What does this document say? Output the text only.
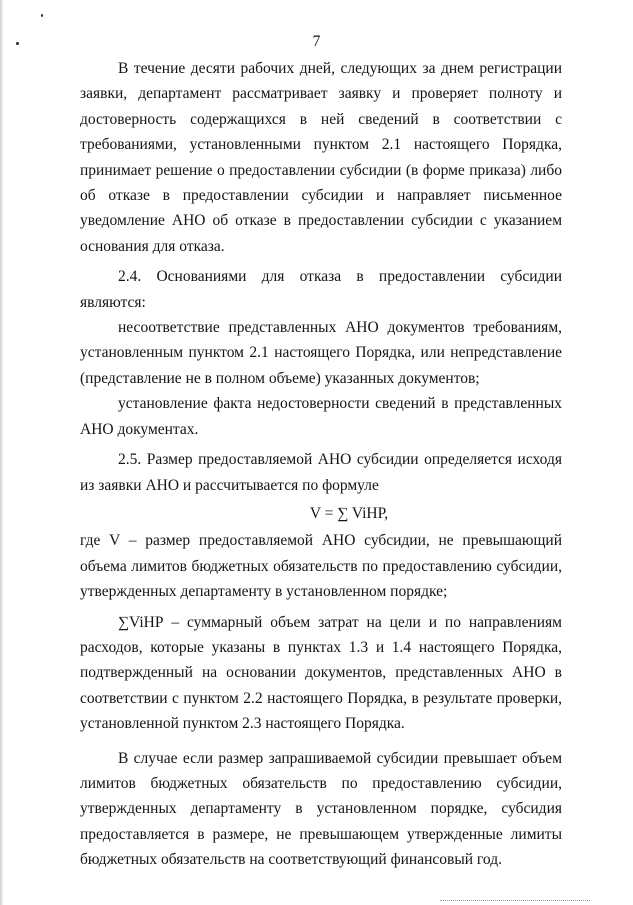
7

В течение десяти рабочих дней, следующих за днем регистрации заявки, департамент рассматривает заявку и проверяет полноту и достоверность содержащихся в ней сведений в соответствии с требованиями, установленными пунктом 2.1 настоящего Порядка, принимает решение о предоставлении субсидии (в форме приказа) либо об отказе в предоставлении субсидии и направляет письменное уведомление АНО об отказе в предоставлении субсидии с указанием основания для отказа.

2.4. Основаниями для отказа в предоставлении субсидии являются:

несоответствие представленных АНО документов требованиям, установленным пунктом 2.1 настоящего Порядка, или непредставление (представление не в полном объеме) указанных документов;

установление факта недостоверности сведений в представленных АНО документах.

2.5. Размер предоставляемой АНО субсидии определяется исходя из заявки АНО и рассчитывается по формуле

V = ∑ ViНР,

где V – размер предоставляемой АНО субсидии, не превышающий объема лимитов бюджетных обязательств по предоставлению субсидии, утвержденных департаменту в установленном порядке;

∑ViНР – суммарный объем затрат на цели и по направлениям расходов, которые указаны в пунктах 1.3 и 1.4 настоящего Порядка, подтвержденный на основании документов, представленных АНО в соответствии с пунктом 2.2 настоящего Порядка, в результате проверки, установленной пунктом 2.3 настоящего Порядка.

В случае если размер запрашиваемой субсидии превышает объем лимитов бюджетных обязательств по предоставлению субсидии, утвержденных департаменту в установленном порядке, субсидия предоставляется в размере, не превышающем утвержденные лимиты бюджетных обязательств на соответствующий финансовый год.
